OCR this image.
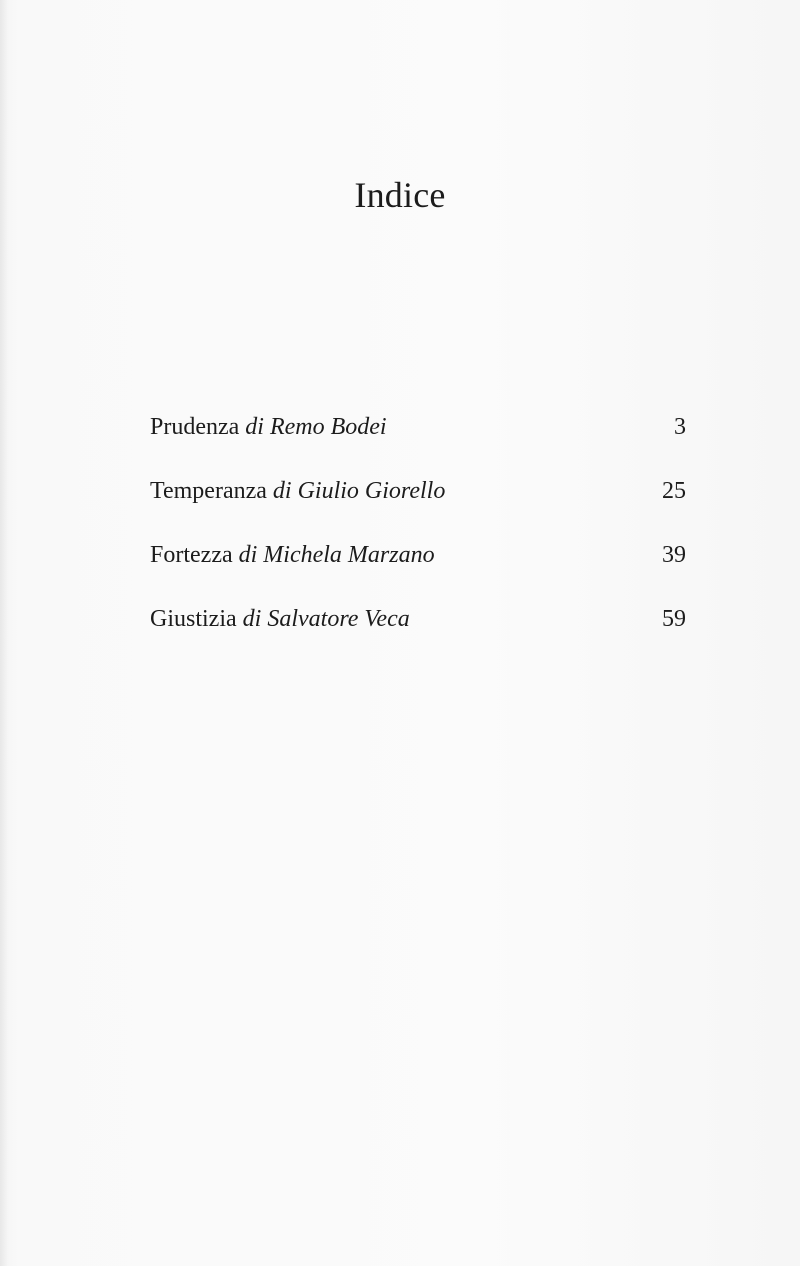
Indice
Prudenza di Remo Bodei	3
Temperanza di Giulio Giorello	25
Fortezza di Michela Marzano	39
Giustizia di Salvatore Veca	59
